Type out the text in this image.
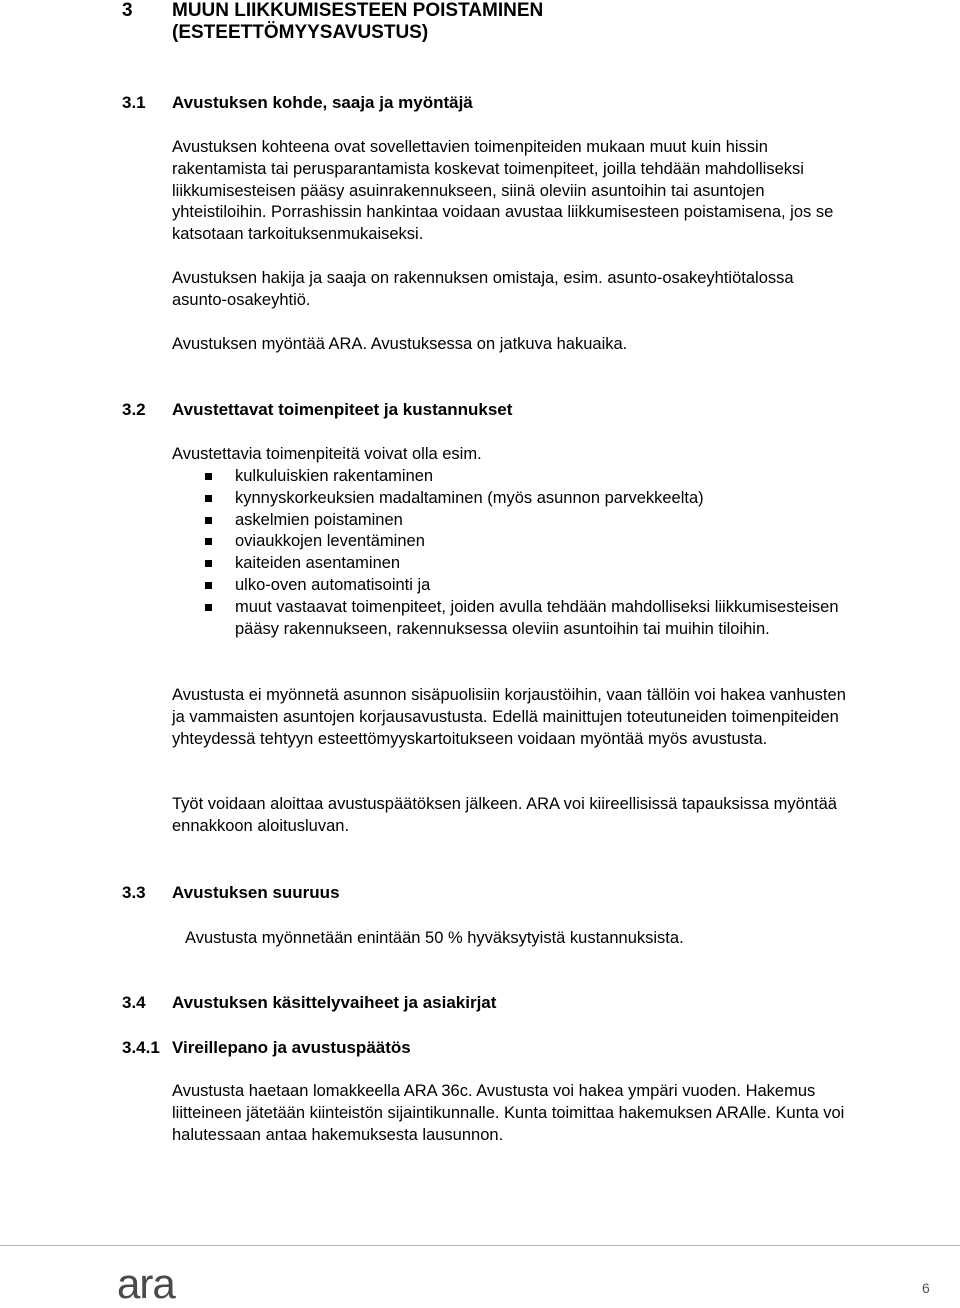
3 MUUN LIIKKUMISESTEEN POISTAMINEN
(ESTEETTÖMYYSAVUSTUS)
3.1 Avustuksen kohde, saaja ja myöntäjä

Avustuksen kohteena ovat sovellettavien toimenpiteiden mukaan muut kuin hissin rakentamista tai perusparantamista koskevat toimenpiteet, joilla tehdään mahdolliseksi liikkumisesteisen pääsy asuinrakennukseen, siinä oleviin asuntoihin tai asuntojen yhteistiloihin. Porrashissin hankintaa voidaan avustaa liikkumisesteen poistamisena, jos se katsotaan tarkoituksenmukaiseksi.

Avustuksen hakija ja saaja on rakennuksen omistaja, esim. asunto-osakeyhtiötalossa asunto-osakeyhtiö.

Avustuksen myöntää ARA. Avustuksessa on jatkuva hakuaika.

3.2 Avustettavat toimenpiteet ja kustannukset

Avustettavia toimenpiteitä voivat olla esim.

kulkuluiskien rakentaminen
kynnyskorkeuksien madaltaminen (myös asunnon parvekkeelta)
askelmien poistaminen
oviaukkojen leventäminen
kaiteiden asentaminen
ulko-oven automatisointi ja
muut vastaavat toimenpiteet, joiden avulla tehdään mahdolliseksi liikkumisesteisen pääsy rakennukseen, rakennuksessa oleviin asuntoihin tai muihin tiloihin.

Avustusta ei myönnetä asunnon sisäpuolisiin korjaustöihin, vaan tällöin voi hakea vanhusten ja vammaisten asuntojen korjausavustusta. Edellä mainittujen toteutuneiden toimenpiteiden yhteydessä tehtyyn esteettömyyskartoitukseen voidaan myöntää myös avustusta.

Työt voidaan aloittaa avustuspäätöksen jälkeen. ARA voi kiireellisissä tapauksissa myöntää ennakkoon aloitusluvan.

3.3 Avustuksen suuruus

Avustusta myönnetään enintään 50 % hyväksytyistä kustannuksista.

3.4 Avustuksen käsittelyvaiheet ja asiakirjat
3.4.1 Vireillepano ja avustuspäätös

Avustusta haetaan lomakkeella ARA 36c. Avustusta voi hakea ympäri vuoden. Hakemus liitteineen jätetään kiinteistön sijaintikunnalle. Kunta toimittaa hakemuksen ARAlle. Kunta voi halutessaan antaa hakemuksesta lausunnon.

ara	6
